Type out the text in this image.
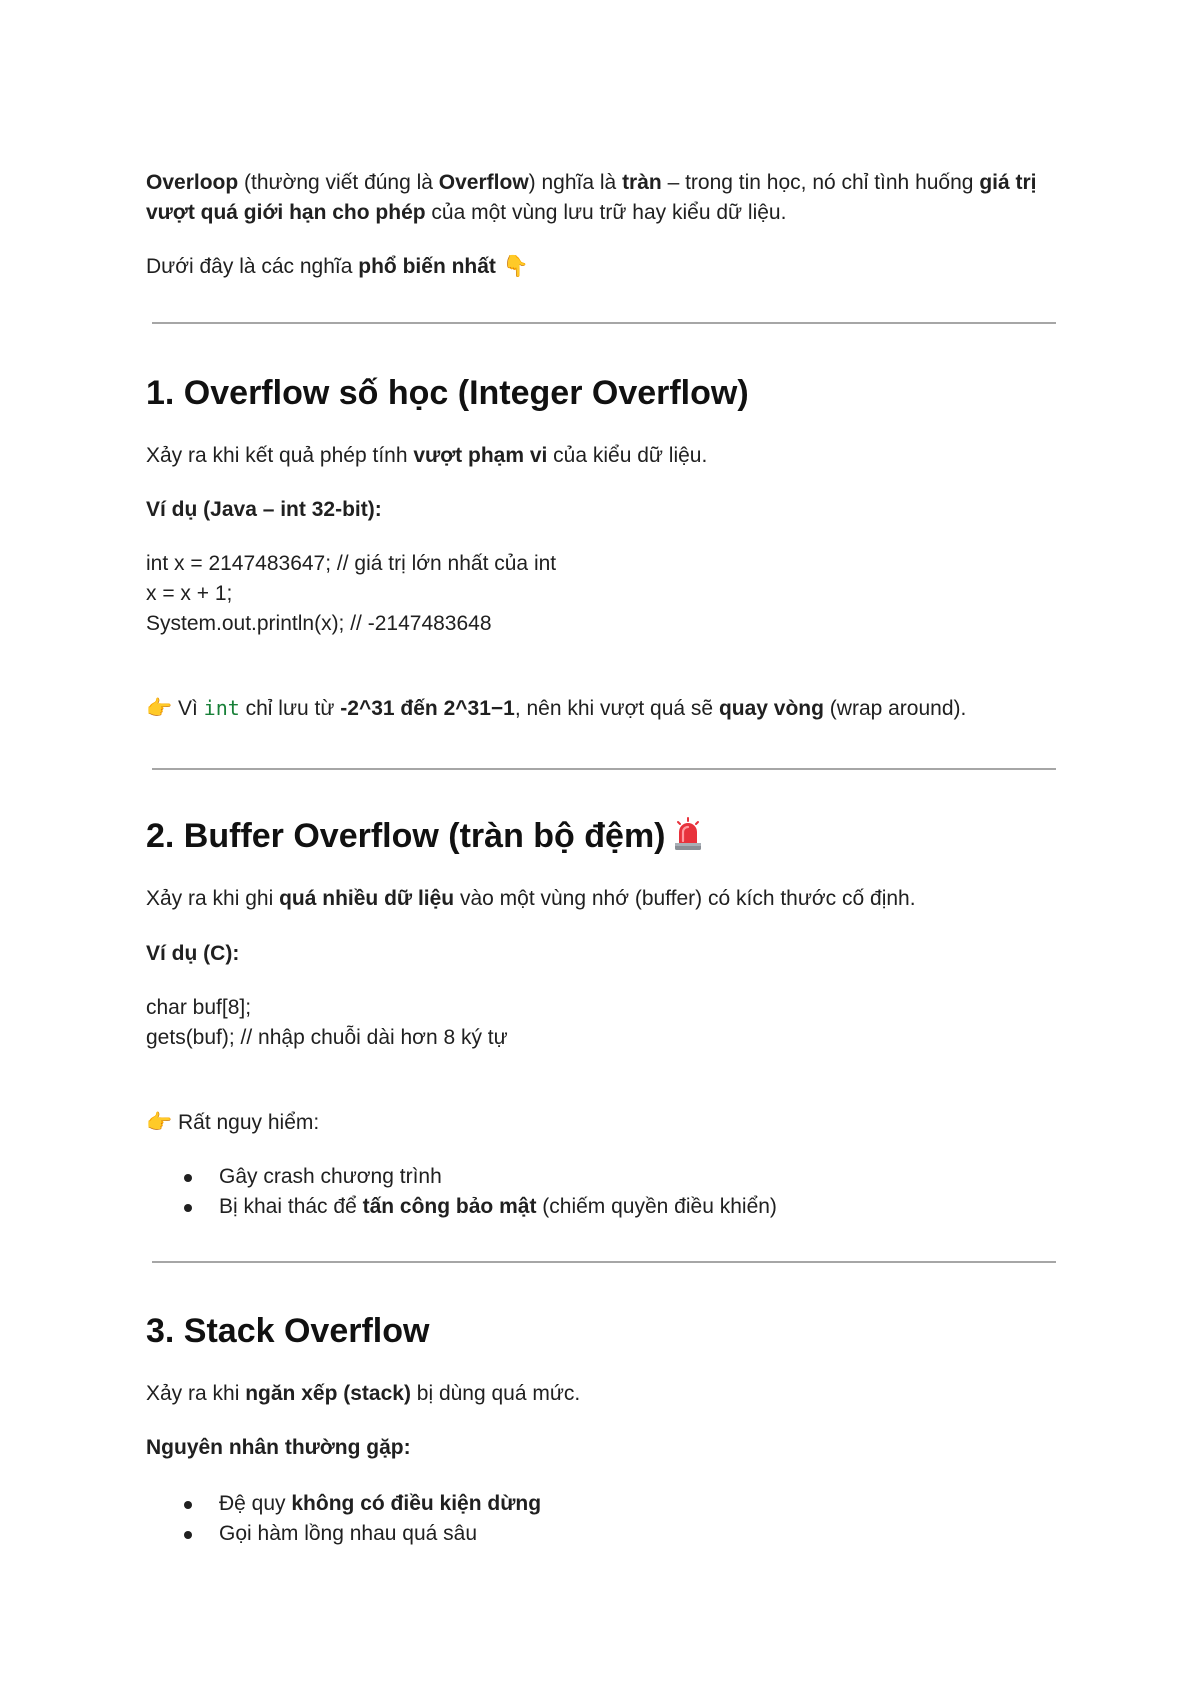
Overloop (thường viết đúng là Overflow) nghĩa là tràn – trong tin học, nó chỉ tình huống giá trị vượt quá giới hạn cho phép của một vùng lưu trữ hay kiểu dữ liệu.

Dưới đây là các nghĩa phổ biến nhất 👇

1. Overflow số học (Integer Overflow)

Xảy ra khi kết quả phép tính vượt phạm vi của kiểu dữ liệu.

Ví dụ (Java – int 32-bit):

int x = 2147483647; // giá trị lớn nhất của int
x = x + 1;
System.out.println(x); // -2147483648

👉 Vì int chỉ lưu từ -2^31 đến 2^31−1, nên khi vượt quá sẽ quay vòng (wrap around).

2. Buffer Overflow (tràn bộ đệm)

Xảy ra khi ghi quá nhiều dữ liệu vào một vùng nhớ (buffer) có kích thước cố định.

Ví dụ (C):

char buf[8];
gets(buf); // nhập chuỗi dài hơn 8 ký tự

👉 Rất nguy hiểm:

Gây crash chương trình
Bị khai thác để tấn công bảo mật (chiếm quyền điều khiển)
3. Stack Overflow

Xảy ra khi ngăn xếp (stack) bị dùng quá mức.

Nguyên nhân thường gặp:

Đệ quy không có điều kiện dừng
Gọi hàm lồng nhau quá sâu
